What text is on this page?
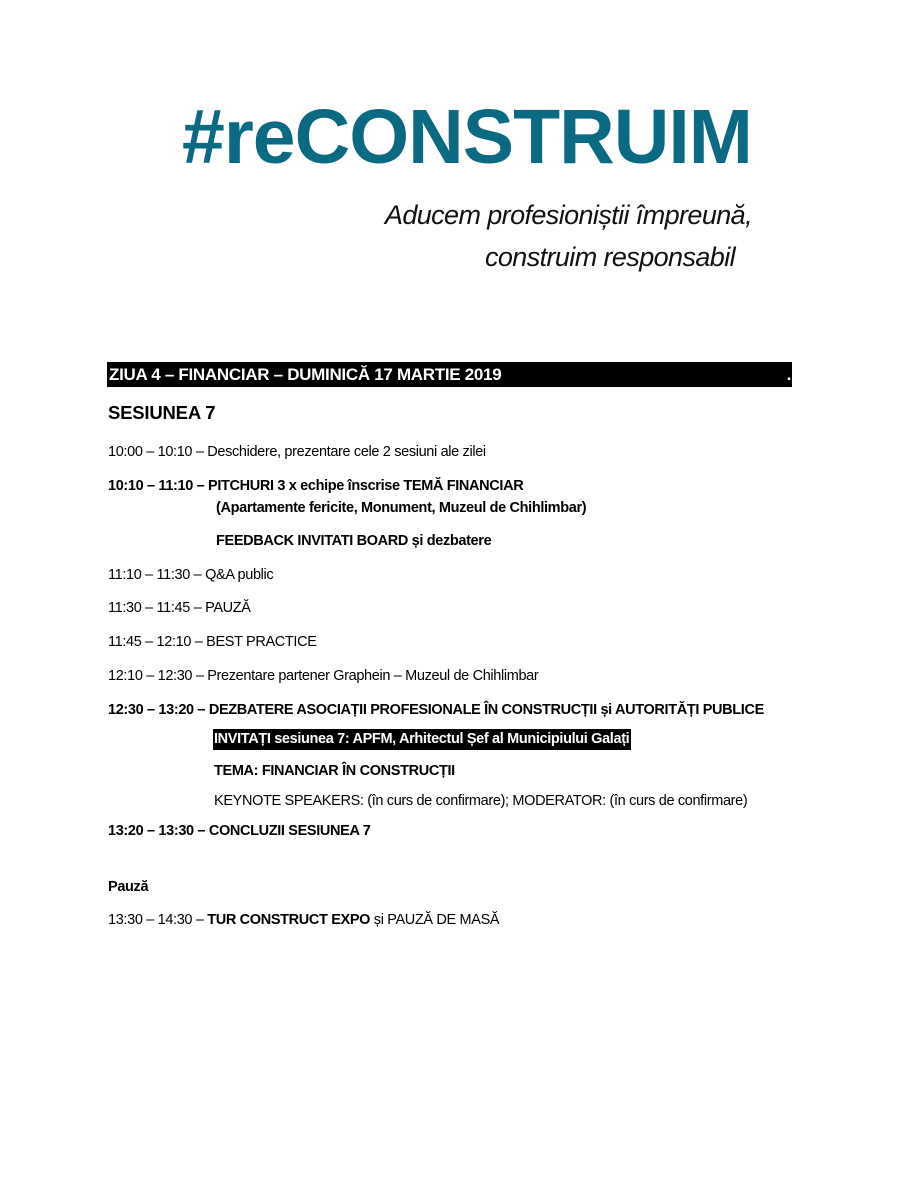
#reCONSTRUIM
Aducem profesioniștii împreună,
construim responsabil
ZIUA 4 – FINANCIAR – DUMINICĂ 17 MARTIE 2019	.
SESIUNEA 7
10:00 – 10:10 – Deschidere, prezentare cele 2 sesiuni ale zilei
10:10 – 11:10 – PITCHURI 3 x echipe înscrise TEMĂ FINANCIAR
(Apartamente fericite, Monument, Muzeul de Chihlimbar)
FEEDBACK INVITATI BOARD și dezbatere
11:10 – 11:30 – Q&A public
11:30 – 11:45 – PAUZĂ
11:45 – 12:10 – BEST PRACTICE
12:10 – 12:30 – Prezentare partener Graphein – Muzeul de Chihlimbar
12:30 – 13:20 – DEZBATERE ASOCIAȚII PROFESIONALE ÎN CONSTRUCȚII și AUTORITĂȚI PUBLICE
INVITAȚI sesiunea 7: APFM, Arhitectul Șef al Municipiului Galați
TEMA: FINANCIAR ÎN CONSTRUCȚII
KEYNOTE SPEAKERS: (în curs de confirmare); MODERATOR: (în curs de confirmare)
13:20 – 13:30 – CONCLUZII SESIUNEA 7
Pauză
13:30 – 14:30 – TUR CONSTRUCT EXPO și PAUZĂ DE MASĂ
